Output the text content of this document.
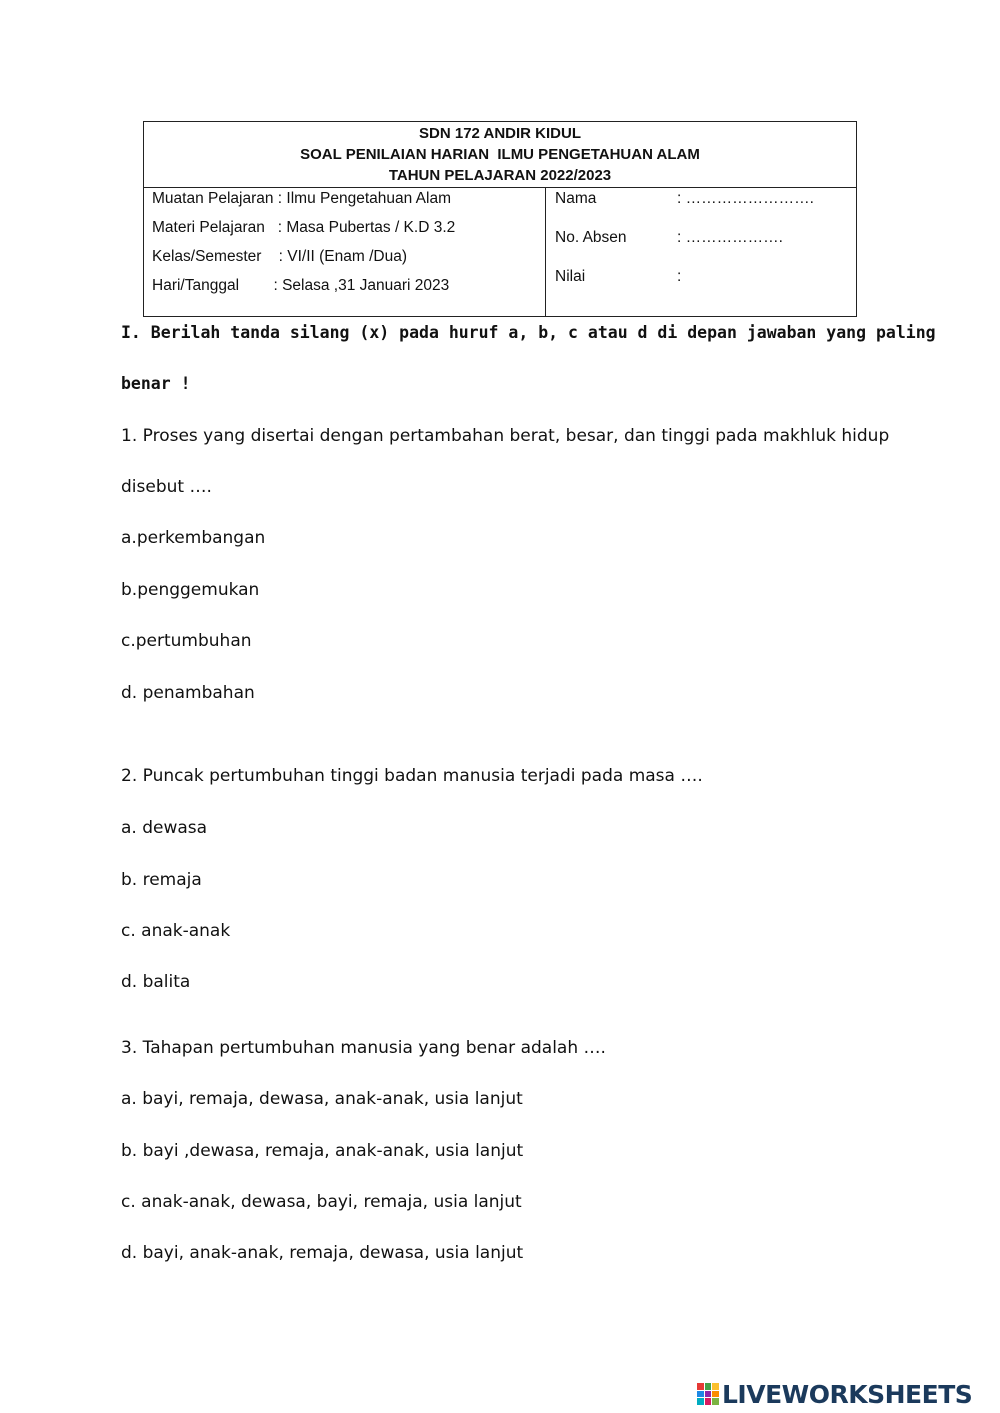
SDN 172 ANDIR KIDUL
SOAL PENILAIAN HARIAN  ILMU PENGETAHUAN ALAM
TAHUN PELAJARAN 2022/2023
Muatan Pelajaran : Ilmu Pengetahuan Alam
Materi Pelajaran   : Masa Pubertas / K.D 3.2
Kelas/Semester    : VI/II (Enam /Dua)
Hari/Tanggal        : Selasa ,31 Januari 2023
Nama	: …………………….
No. Absen	: ……………….
Nilai	:
I. Berilah tanda silang (x) pada huruf a, b, c atau d di depan jawaban yang paling
benar !
1. Proses yang disertai dengan pertambahan berat, besar, dan tinggi pada makhluk hidup
disebut ….
a.perkembangan
b.penggemukan
c.pertumbuhan
d. penambahan
2. Puncak pertumbuhan tinggi badan manusia terjadi pada masa ….
a. dewasa
b. remaja
c. anak-anak
d. balita
3. Tahapan pertumbuhan manusia yang benar adalah ….
a. bayi, remaja, dewasa, anak-anak, usia lanjut
b. bayi ,dewasa, remaja, anak-anak, usia lanjut
c. anak-anak, dewasa, bayi, remaja, usia lanjut
d. bayi, anak-anak, remaja, dewasa, usia lanjut
LIVEWORKSHEETS
